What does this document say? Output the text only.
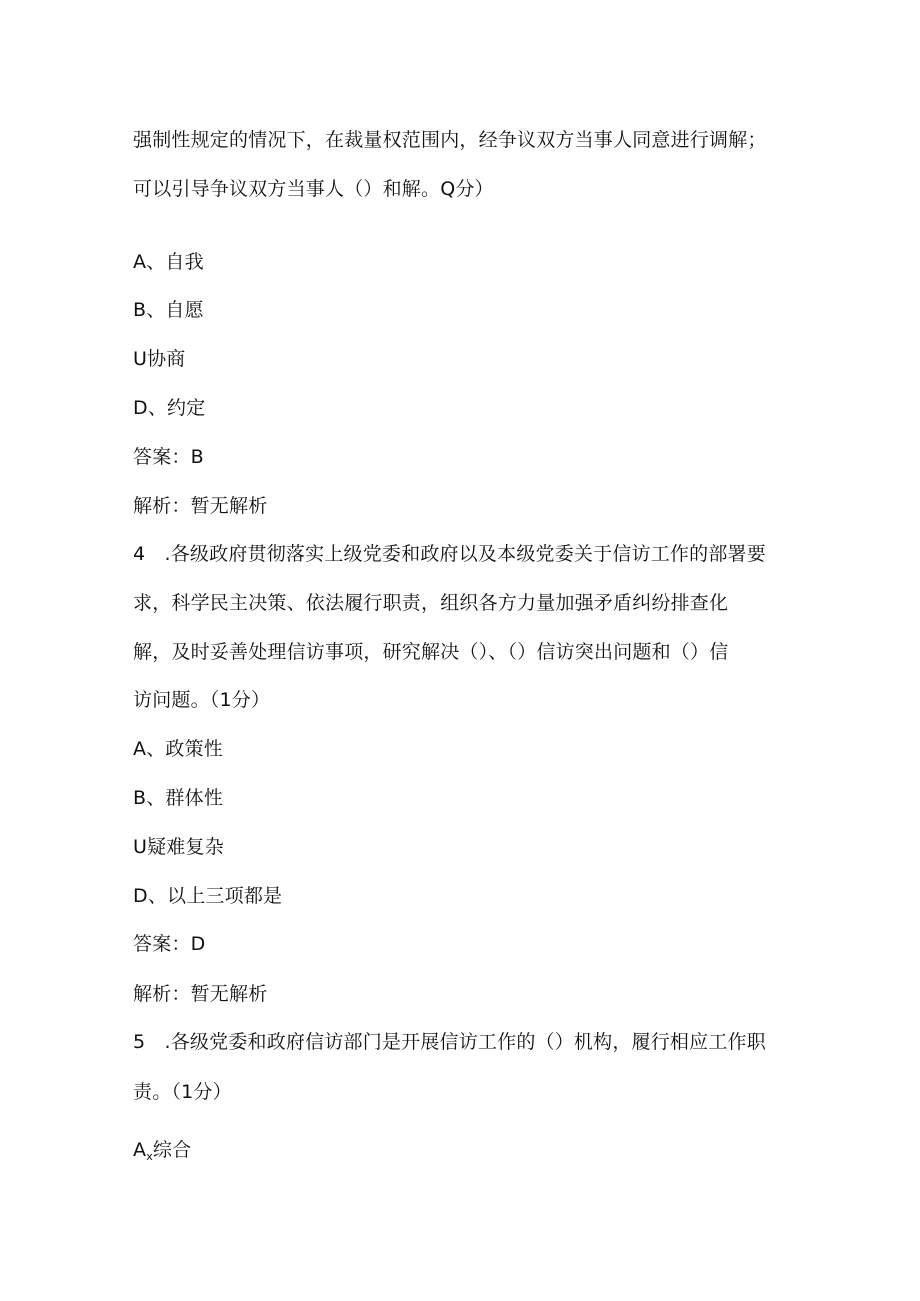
强制性规定的情况下，在裁量权范围内，经争议双方当事人同意进行调解；
可以引导争议双方当事人（）和解。Q分）
A、自我
B、自愿
U协商
D、约定
答案：B
解析：暂无解析
4　.各级政府贯彻落实上级党委和政府以及本级党委关于信访工作的部署要
求，科学民主决策、依法履行职责，组织各方力量加强矛盾纠纷排查化
解，及时妥善处理信访事项，研究解决（）、（）信访突出问题和（）信
访问题。（1分）
A、政策性
B、群体性
U疑难复杂
D、以上三项都是
答案：D
解析：暂无解析
5　.各级党委和政府信访部门是开展信访工作的（）机构，履行相应工作职
责。（1分）
$A_x$综合
